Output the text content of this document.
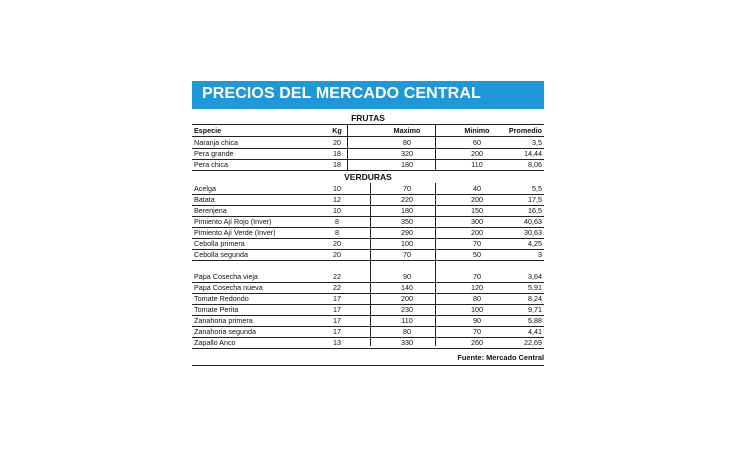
PRECIOS DEL MERCADO CENTRAL
FRUTAS
Especie	Kg	Maximo	Minimo	Promedio
Naranja chica	20	80	60	3,5
Pera grande	18	320	200	14,44
Pera chica	18	180	110	8,06
VERDURAS
Acelga	10	70	40	5,5
Batata	12	220	200	17,5
Berenjena	10	180	150	16,5
Pimiento Ají Rojo (Inver)	8	350	300	40,63
Pimiento Ají Verde (Inver)	8	290	200	30,63
Cebolla primera	20	100	70	4,25
Cebolla segunda	20	70	50	3
Papa Cosecha vieja	22	90	70	3,64
Papa Cosecha nueva	22	140	120	5,91
Tomate Redondo	17	200	80	8,24
Tomate Perita	17	230	100	9,71
Zanahoria primera	17	110	90	5,88
Zanahoria segunda	17	80	70	4,41
Zapallo Anco	13	330	260	22,69
Fuente: Mercado Central
